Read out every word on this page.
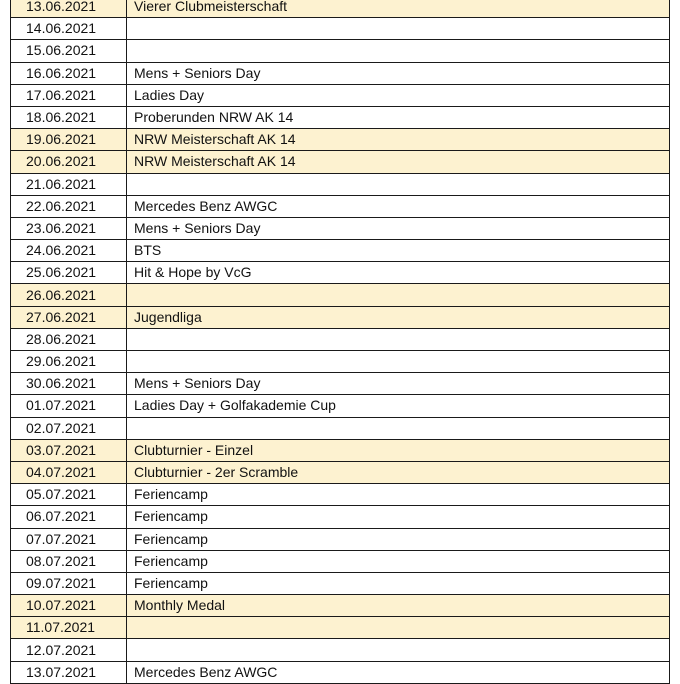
13.06.2021	Vierer Clubmeisterschaft
14.06.2021	
15.06.2021	
16.06.2021	Mens + Seniors Day
17.06.2021	Ladies Day
18.06.2021	Proberunden NRW AK 14
19.06.2021	NRW Meisterschaft AK 14
20.06.2021	NRW Meisterschaft AK 14
21.06.2021	
22.06.2021	Mercedes Benz AWGC
23.06.2021	Mens + Seniors Day
24.06.2021	BTS
25.06.2021	Hit & Hope by VcG
26.06.2021	
27.06.2021	Jugendliga
28.06.2021	
29.06.2021	
30.06.2021	Mens + Seniors Day
01.07.2021	Ladies Day + Golfakademie Cup
02.07.2021	
03.07.2021	Clubturnier - Einzel
04.07.2021	Clubturnier - 2er Scramble
05.07.2021	Feriencamp
06.07.2021	Feriencamp
07.07.2021	Feriencamp
08.07.2021	Feriencamp
09.07.2021	Feriencamp
10.07.2021	Monthly Medal
11.07.2021	
12.07.2021	
13.07.2021	Mercedes Benz AWGC
